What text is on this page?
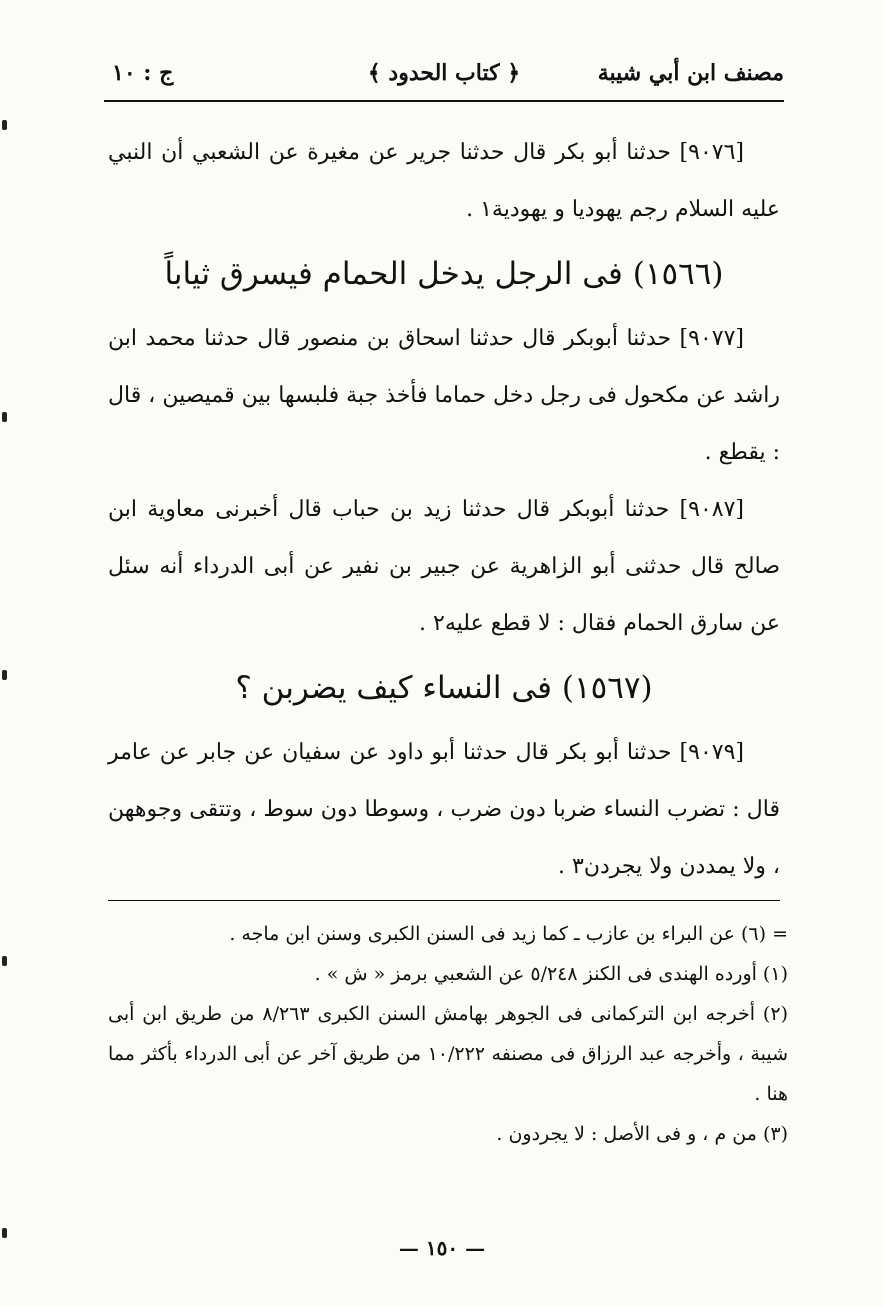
مصنف ابن أبي شيبة
﴿ كتاب الحدود ﴾
ج : ١٠

[٩٠٧٦] حدثنا أبو بكر قال حدثنا جرير عن مغيرة عن الشعبي أن النبي عليه السلام رجم يهوديا و يهودية١ .

(١٥٦٦) فى الرجل يدخل الحمام فيسرق ثياباً

[٩٠٧٧] حدثنا أبوبكر قال حدثنا اسحاق بن منصور قال حدثنا محمد ابن راشد عن مكحول فى رجل دخل حماما فأخذ جبة فلبسها بين قميصين ، قال : يقطع .

[٩٠٨٧] حدثنا أبوبكر قال حدثنا زيد بن حباب قال أخبرنى معاوية ابن صالح قال حدثنى أبو الزاهرية عن جبير بن نفير عن أبى الدرداء أنه سئل عن سارق الحمام فقال : لا قطع عليه٢ .

(١٥٦٧) فى النساء كيف يضربن ؟

[٩٠٧٩] حدثنا أبو بكر قال حدثنا أبو داود عن سفيان عن جابر عن عامر قال : تضرب النساء ضربا دون ضرب ، وسوطا دون سوط ، وتتقى وجوههن ، ولا يمددن ولا يجردن٣ .

= (٦) عن البراء بن عازب ـ كما زيد فى السنن الكبرى وسنن ابن ماجه .

(١) أورده الهندى فى الكنز ٥/٢٤٨ عن الشعبي برمز « ش » .

(٢) أخرجه ابن التركمانى فى الجوهر بهامش السنن الكبرى ٨/٢٦٣ من طريق ابن أبى شيبة ، وأخرجه عبد الرزاق فى مصنفه ١٠/٢٢٢ من طريق آخر عن أبى الدرداء بأكثر مما هنا .

(٣) من م ، و فى الأصل : لا يجردون .

— ١٥٠ —
